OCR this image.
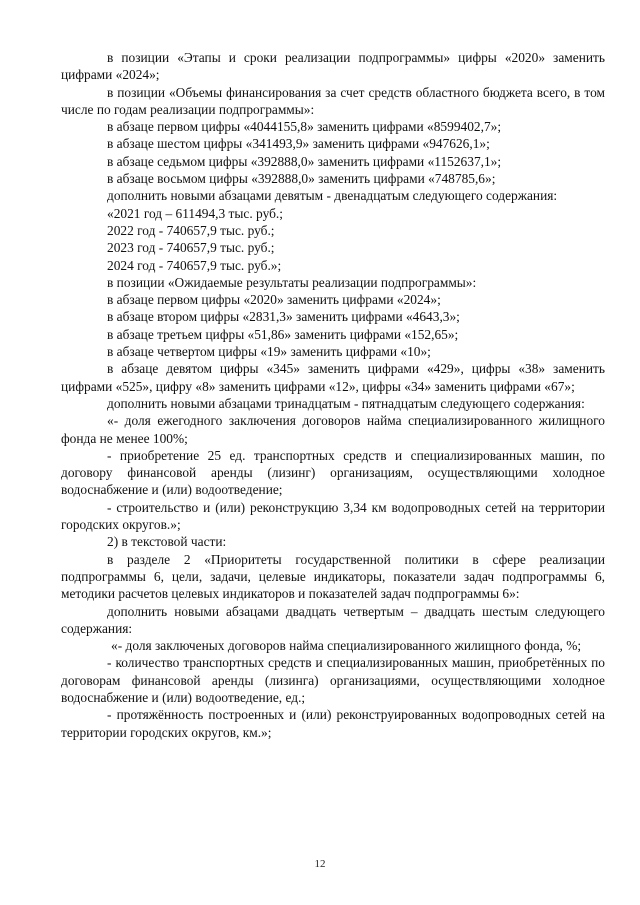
в позиции «Этапы и сроки реализации подпрограммы» цифры «2020» заменить цифрами «2024»;

в позиции «Объемы финансирования за счет средств областного бюджета всего, в том числе по годам реализации подпрограммы»:

в абзаце первом цифры «4044155,8» заменить цифрами «8599402,7»;

в абзаце шестом цифры «341493,9» заменить цифрами «947626,1»;

в абзаце седьмом цифры «392888,0» заменить цифрами «1152637,1»;

в абзаце восьмом цифры «392888,0» заменить цифрами «748785,6»;

дополнить новыми абзацами девятым - двенадцатым следующего содержания:

«2021 год – 611494,3 тыс. руб.;

2022 год - 740657,9 тыс. руб.;

2023 год - 740657,9 тыс. руб.;

2024 год - 740657,9 тыс. руб.»;

в позиции «Ожидаемые результаты реализации подпрограммы»:

в абзаце первом цифры «2020» заменить цифрами «2024»;

в абзаце втором цифры «2831,3» заменить цифрами «4643,3»;

в абзаце третьем цифры «51,86» заменить цифрами «152,65»;

в абзаце четвертом цифры «19» заменить цифрами «10»;

в абзаце девятом цифры «345» заменить цифрами «429», цифры «38» заменить цифрами «525», цифру «8» заменить цифрами «12», цифры «34» заменить цифрами «67»;

дополнить новыми абзацами тринадцатым - пятнадцатым следующего содержания:

«- доля ежегодного заключения договоров найма специализированного жилищного фонда не менее 100%;

- приобретение 25 ед. транспортных средств и специализированных машин, по договору финансовой аренды (лизинг) организациям, осуществляющими холодное водоснабжение и (или) водоотведение;

- строительство и (или) реконструкцию 3,34 км водопроводных сетей на территории городских округов.»;

2) в текстовой части:

в разделе 2 «Приоритеты государственной политики в сфере реализации подпрограммы 6, цели, задачи, целевые индикаторы, показатели задач подпрограммы 6, методики расчетов целевых индикаторов и показателей задач подпрограммы 6»:

дополнить новыми абзацами двадцать четвертым – двадцать шестым следующего содержания:

«- доля заключеных договоров найма специализированного жилищного фонда, %;

- количество транспортных средств и специализированных машин, приобретённых по договорам финансовой аренды (лизинга) организациями, осуществляющими холодное водоснабжение и (или) водоотведение, ед.;

- протяжённость построенных и (или) реконструированных водопроводных сетей на территории городских округов, км.»;

12
